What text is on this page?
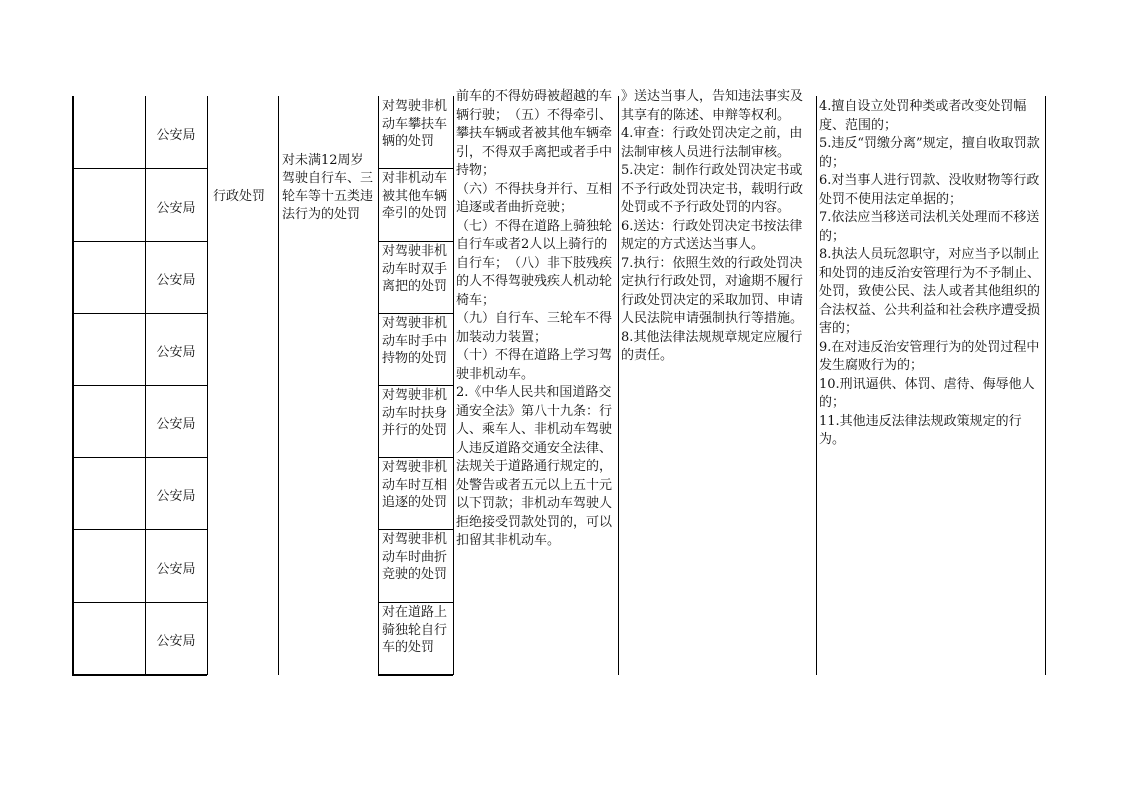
公安局
公安局
公安局
公安局
公安局
公安局
公安局
公安局
行政处罚
对未满12周岁驾驶自行车、三轮车等十五类违法行为的处罚
对驾驶非机动车攀扶车辆的处罚
对非机动车被其他车辆牵引的处罚
对驾驶非机动车时双手离把的处罚
对驾驶非机动车时手中持物的处罚
对驾驶非机动车时扶身并行的处罚
对驾驶非机动车时互相追逐的处罚
对驾驶非机动车时曲折竞驶的处罚
对在道路上骑独轮自行车的处罚
前车的不得妨碍被超越的车辆行驶；　（五）不得牵引、攀扶车辆或者被其他车辆牵引，不得双手离把或者手中持物；
（六）不得扶身并行、互相追逐或者曲折竞驶；
（七）不得在道路上骑独轮自行车或者2人以上骑行的自行车；　（八）非下肢残疾的人不得驾驶残疾人机动轮椅车；
（九）自行车、三轮车不得加装动力装置；
（十）不得在道路上学习驾驶非机动车。
2.《中华人民共和国道路交通安全法》第八十九条：行人、乘车人、非机动车驾驶人违反道路交通安全法律、法规关于道路通行规定的，处警告或者五元以上五十元以下罚款；非机动车驾驶人拒绝接受罚款处罚的，可以扣留其非机动车。
》送达当事人，告知违法事实及其享有的陈述、申辩等权利。
4.审查：行政处罚决定之前，由法制审核人员进行法制审核。
5.决定：制作行政处罚决定书或不予行政处罚决定书，载明行政处罚或不予行政处罚的内容。
6.送达：行政处罚决定书按法律规定的方式送达当事人。
7.执行：依照生效的行政处罚决定执行行政处罚，对逾期不履行行政处罚决定的采取加罚、申请人民法院申请强制执行等措施。
8.其他法律法规规章规定应履行的责任。
4.擅自设立处罚种类或者改变处罚幅度、范围的；
5.违反“罚缴分离”规定，擅自收取罚款的；
6.对当事人进行罚款、没收财物等行政处罚不使用法定单据的；
7.依法应当移送司法机关处理而不移送的；
8.执法人员玩忽职守，对应当予以制止和处罚的违反治安管理行为不予制止、处罚，致使公民、法人或者其他组织的合法权益、公共利益和社会秩序遭受损害的；
9.在对违反治安管理行为的处罚过程中发生腐败行为的；
10.刑讯逼供、体罚、虐待、侮辱他人的；
11.其他违反法律法规政策规定的行为。
